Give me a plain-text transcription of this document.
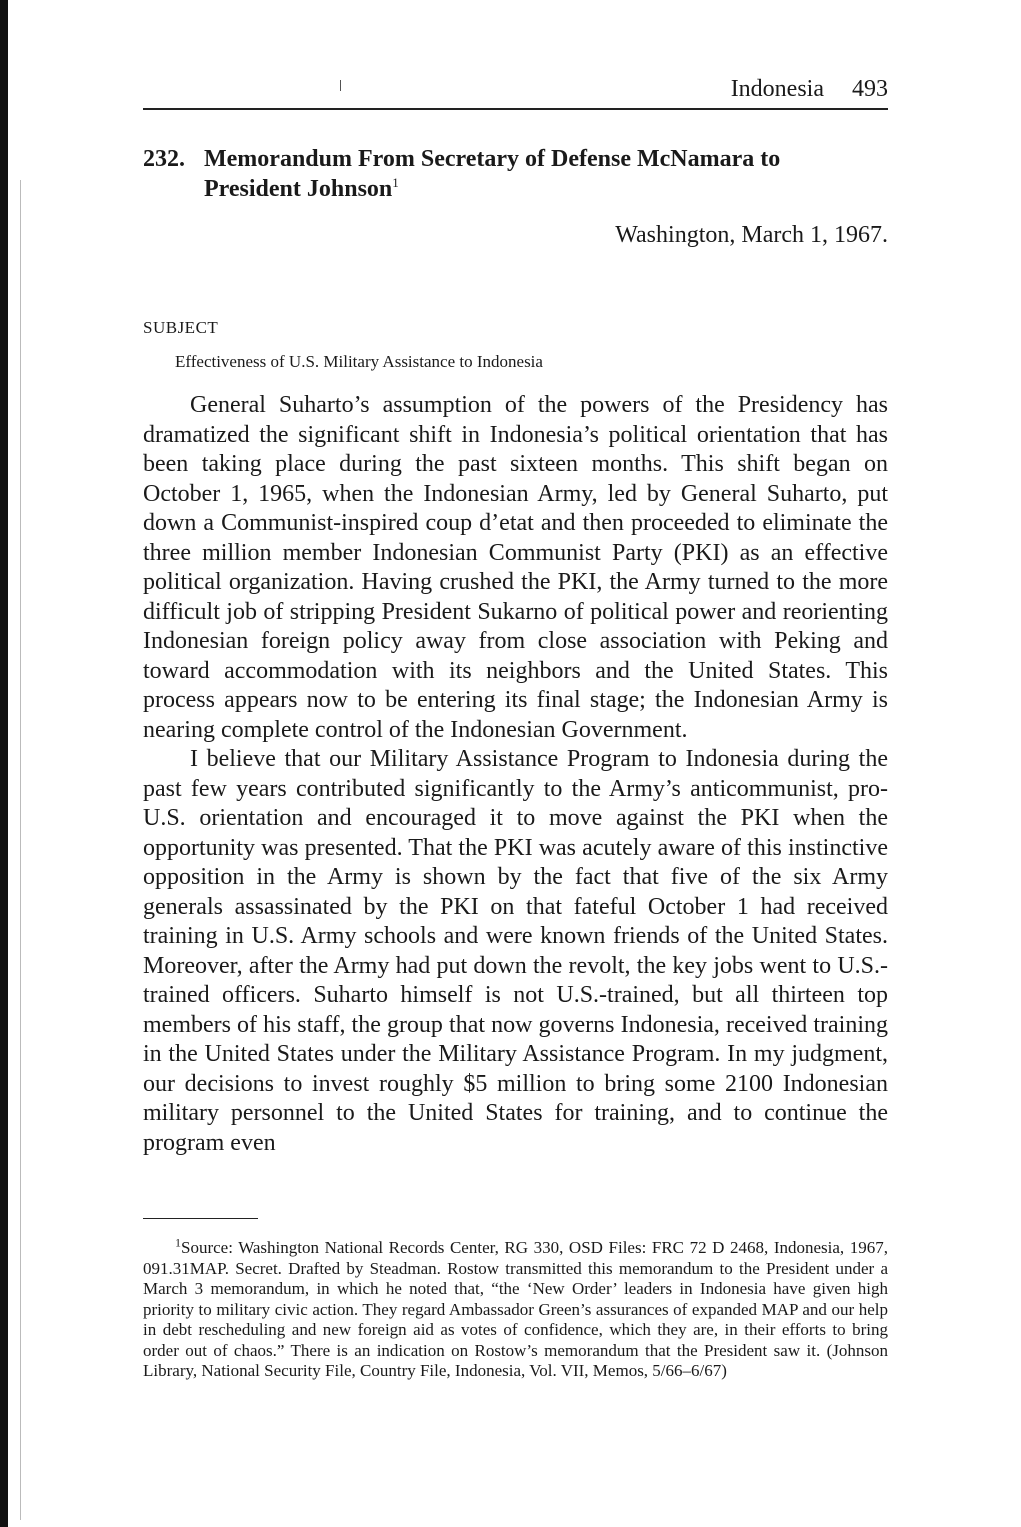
ǀ	Indonesia 493
232. Memorandum From Secretary of Defense McNamara to President Johnson$^1$
Washington, March 1, 1967.
SUBJECT
Effectiveness of U.S. Military Assistance to Indonesia

General Suharto’s assumption of the powers of the Presidency has dramatized the significant shift in Indonesia’s political orientation that has been taking place during the past sixteen months. This shift began on October 1, 1965, when the Indonesian Army, led by General Suharto, put down a Communist-inspired coup d’etat and then proceeded to eliminate the three million member Indonesian Communist Party (PKI) as an effective political organization. Having crushed the PKI, the Army turned to the more difficult job of stripping President Sukarno of political power and reorienting Indonesian foreign policy away from close association with Peking and toward accommodation with its neighbors and the United States. This process appears now to be entering its final stage; the Indonesian Army is nearing complete control of the Indonesian Government.

I believe that our Military Assistance Program to Indonesia during the past few years contributed significantly to the Army’s anticommunist, pro-U.S. orientation and encouraged it to move against the PKI when the opportunity was presented. That the PKI was acutely aware of this instinctive opposition in the Army is shown by the fact that five of the six Army generals assassinated by the PKI on that fateful October 1 had received training in U.S. Army schools and were known friends of the United States. Moreover, after the Army had put down the revolt, the key jobs went to U.S.-trained officers. Suharto himself is not U.S.-trained, but all thirteen top members of his staff, the group that now governs Indonesia, received training in the United States under the Military Assistance Program. In my judgment, our decisions to invest roughly $5 million to bring some 2100 Indonesian military personnel to the United States for training, and to continue the program even

$^1$Source: Washington National Records Center, RG 330, OSD Files: FRC 72 D 2468, Indonesia, 1967, 091.31MAP. Secret. Drafted by Steadman. Rostow transmitted this memorandum to the President under a March 3 memorandum, in which he noted that, “the ‘New Order’ leaders in Indonesia have given high priority to military civic action. They regard Ambassador Green’s assurances of expanded MAP and our help in debt rescheduling and new foreign aid as votes of confidence, which they are, in their efforts to bring order out of chaos.” There is an indication on Rostow’s memorandum that the President saw it. (Johnson Library, National Security File, Country File, Indonesia, Vol. VII, Memos, 5/66–6/67)
